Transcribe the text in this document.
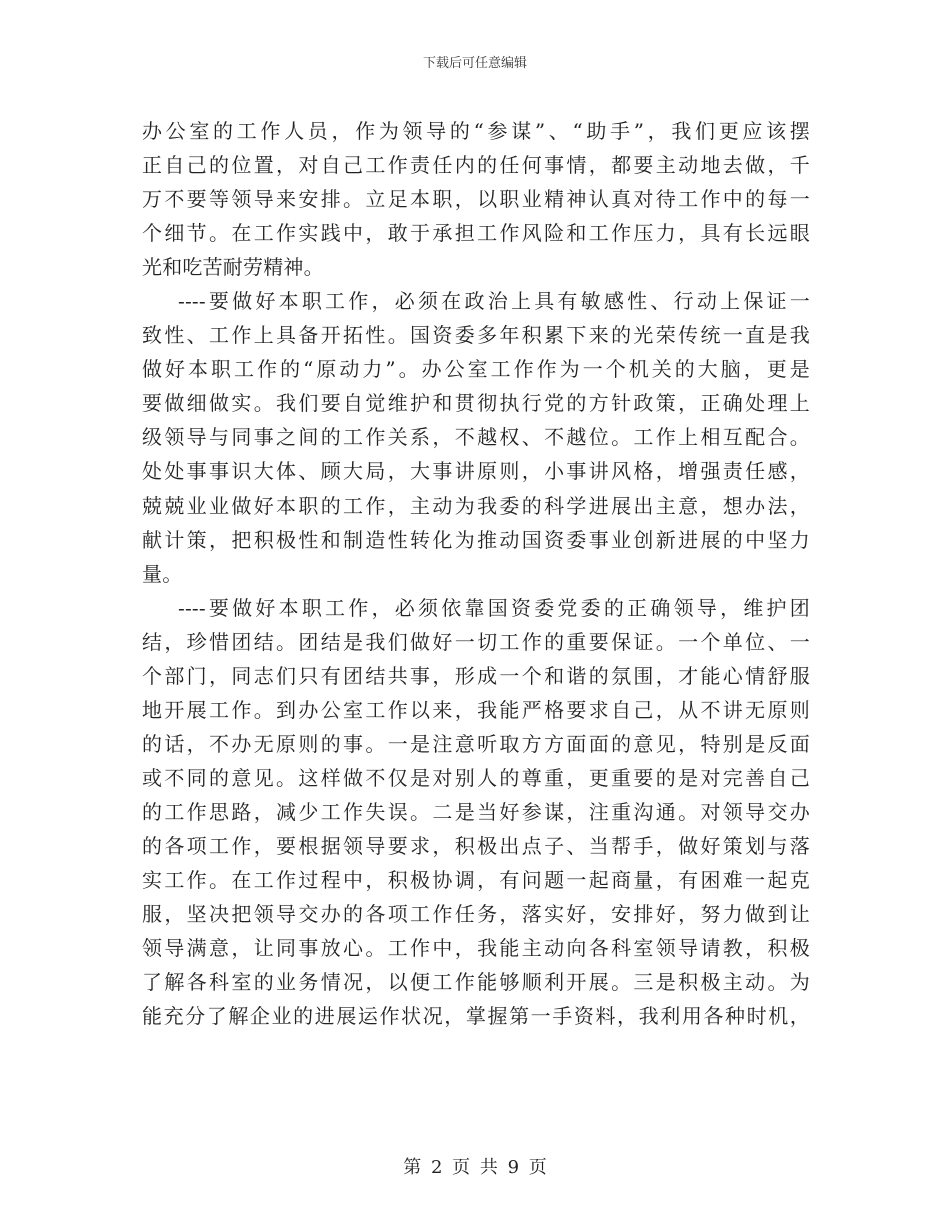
下载后可任意编辑
办公室的工作人员，作为领导的“参谋”、“助手”，我们更应该摆
正自己的位置，对自己工作责任内的任何事情，都要主动地去做，千
万不要等领导来安排。立足本职，以职业精神认真对待工作中的每一
个细节。在工作实践中，敢于承担工作风险和工作压力，具有长远眼
光和吃苦耐劳精神。
----要做好本职工作，必须在政治上具有敏感性、行动上保证一
致性、工作上具备开拓性。国资委多年积累下来的光荣传统一直是我
做好本职工作的“原动力”。办公室工作作为一个机关的大脑，更是
要做细做实。我们要自觉维护和贯彻执行党的方针政策，正确处理上
级领导与同事之间的工作关系，不越权、不越位。工作上相互配合。
处处事事识大体、顾大局，大事讲原则，小事讲风格，增强责任感，
兢兢业业做好本职的工作，主动为我委的科学进展出主意，想办法，
献计策，把积极性和制造性转化为推动国资委事业创新进展的中坚力
量。
----要做好本职工作，必须依靠国资委党委的正确领导，维护团
结，珍惜团结。团结是我们做好一切工作的重要保证。一个单位、一
个部门，同志们只有团结共事，形成一个和谐的氛围，才能心情舒服
地开展工作。到办公室工作以来，我能严格要求自己，从不讲无原则
的话，不办无原则的事。一是注意听取方方面面的意见，特别是反面
或不同的意见。这样做不仅是对别人的尊重，更重要的是对完善自己
的工作思路，减少工作失误。二是当好参谋，注重沟通。对领导交办
的各项工作，要根据领导要求，积极出点子、当帮手，做好策划与落
实工作。在工作过程中，积极协调，有问题一起商量，有困难一起克
服，坚决把领导交办的各项工作任务，落实好，安排好，努力做到让
领导满意，让同事放心。工作中，我能主动向各科室领导请教，积极
了解各科室的业务情况，以便工作能够顺利开展。三是积极主动。为
能充分了解企业的进展运作状况，掌握第一手资料，我利用各种时机，
第 2 页 共 9 页
